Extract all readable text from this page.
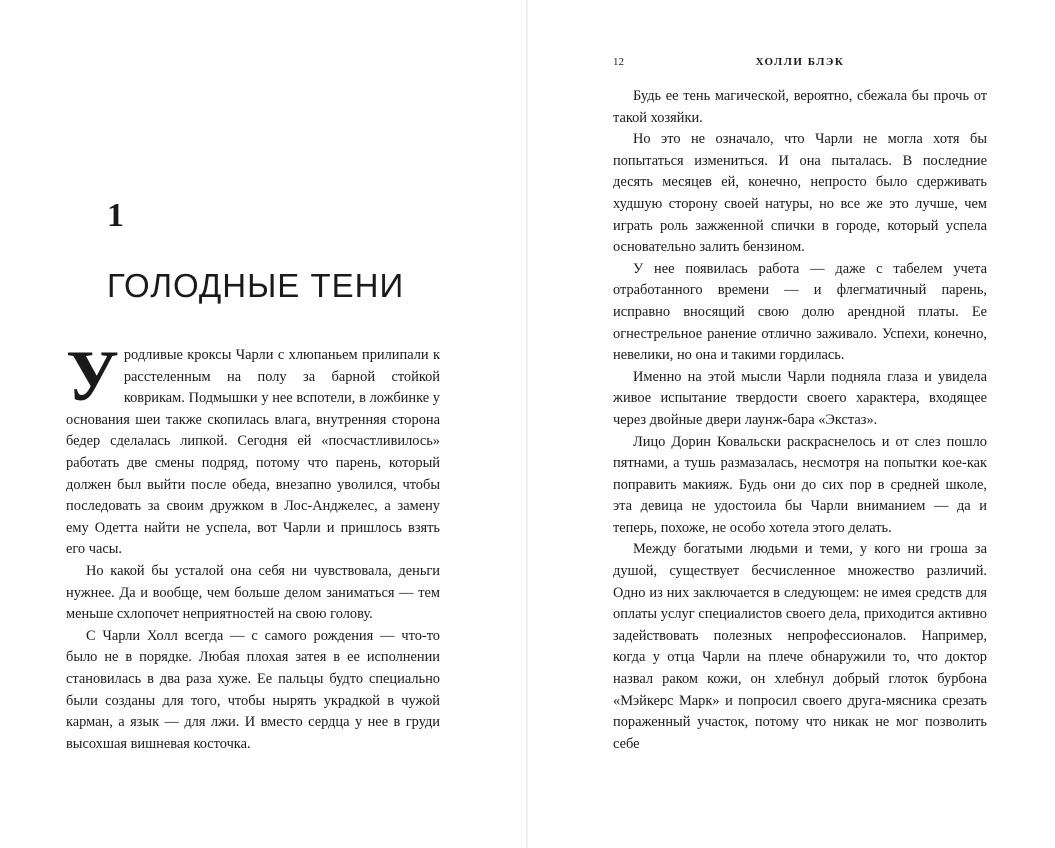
1
ГОЛОДНЫЕ ТЕНИ

Уродливые кроксы Чарли с хлюпаньем прилипали к расстеленным на полу за барной стойкой коврикам. Подмышки у нее вспотели, в ложбинке у основания шеи также скопилась влага, внутренняя сторона бедер сделалась липкой. Сегодня ей «посчастливилось» работать две смены подряд, потому что парень, который должен был выйти после обеда, внезапно уволился, чтобы последовать за своим дружком в Лос-Анджелес, а замену ему Одетта найти не успела, вот Чарли и пришлось взять его часы.

Но какой бы усталой она себя ни чувствовала, деньги нужнее. Да и вообще, чем больше делом заниматься — тем меньше схлопочет неприятностей на свою голову.

С Чарли Холл всегда — с самого рождения — что-то было не в порядке. Любая плохая затея в ее исполнении становилась в два раза хуже. Ее пальцы будто специально были созданы для того, чтобы нырять украдкой в чужой карман, а язык — для лжи. И вместо сердца у нее в груди высохшая вишневая косточка.

12	ХОЛЛИ БЛЭК

Будь ее тень магической, вероятно, сбежала бы прочь от такой хозяйки.

Но это не означало, что Чарли не могла хотя бы попытаться измениться. И она пыталась. В последние десять месяцев ей, конечно, непросто было сдерживать худшую сторону своей натуры, но все же это лучше, чем играть роль зажженной спички в городе, который успела основательно залить бензином.

У нее появилась работа — даже с табелем учета отработанного времени — и флегматичный парень, исправно вносящий свою долю арендной платы. Ее огнестрельное ранение отлично заживало. Успехи, конечно, невелики, но она и такими гордилась.

Именно на этой мысли Чарли подняла глаза и увидела живое испытание твердости своего характера, входящее через двойные двери лаунж-бара «Экстаз».

Лицо Дорин Ковальски раскраснелось и от слез пошло пятнами, а тушь размазалась, несмотря на попытки кое-как поправить макияж. Будь они до сих пор в средней школе, эта девица не удостоила бы Чарли вниманием — да и теперь, похоже, не особо хотела этого делать.

Между богатыми людьми и теми, у кого ни гроша за душой, существует бесчисленное множество различий. Одно из них заключается в следующем: не имея средств для оплаты услуг специалистов своего дела, приходится активно задействовать полезных непрофессионалов. Например, когда у отца Чарли на плече обнаружили то, что доктор назвал раком кожи, он хлебнул добрый глоток бурбона «Мэйкерс Марк» и попросил своего друга-мясника срезать пораженный участок, потому что никак не мог позволить себе
